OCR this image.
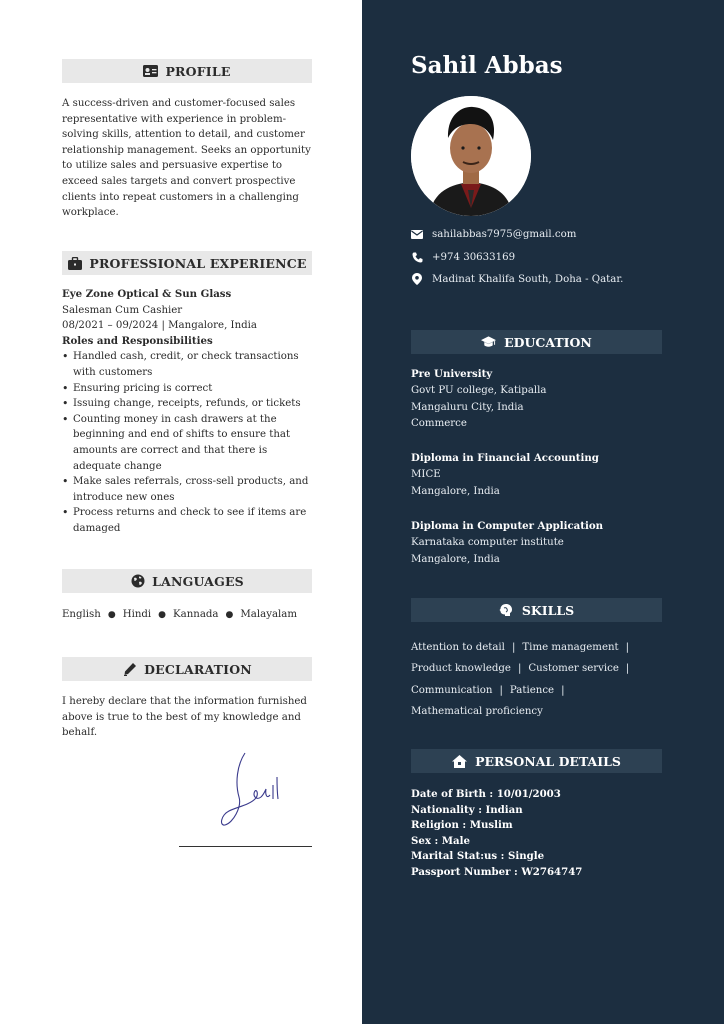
PROFILE
A success-driven and customer-focused sales representative with experience in problem-solving skills, attention to detail, and customer relationship management. Seeks an opportunity to utilize sales and persuasive expertise to exceed sales targets and convert prospective clients into repeat customers in a challenging workplace.
PROFESSIONAL EXPERIENCE
Eye Zone Optical & Sun Glass
Salesman Cum Cashier
08/2021 – 09/2024 | Mangalore, India
Roles and Responsibilities
• Handled cash, credit, or check transactions with customers
• Ensuring pricing is correct
• Issuing change, receipts, refunds, or tickets
• Counting money in cash drawers at the beginning and end of shifts to ensure that amounts are correct and that there is adequate change
• Make sales referrals, cross-sell products, and introduce new ones
• Process returns and check to see if items are damaged
LANGUAGES
English ● Hindi ● Kannada ● Malayalam
DECLARATION
I hereby declare that the information furnished above is true to the best of my knowledge and behalf.
Sahil Abbas
sahilabbas7975@gmail.com
+974 30633169
Madinat Khalifa South, Doha - Qatar.
EDUCATION
Pre University
Govt PU college, Katipalla
Mangaluru City, India
Commerce
Diploma in Financial Accounting
MICE
Mangalore, India
Diploma in Computer Application
Karnataka computer institute
Mangalore, India
SKILLS
Attention to detail | Time management |
Product knowledge | Customer service |
Communication | Patience |
Mathematical proficiency
PERSONAL DETAILS
Date of Birth : 10/01/2003
Nationality : Indian
Religion : Muslim
Sex : Male
Marital Stat:us : Single
Passport Number : W2764747
